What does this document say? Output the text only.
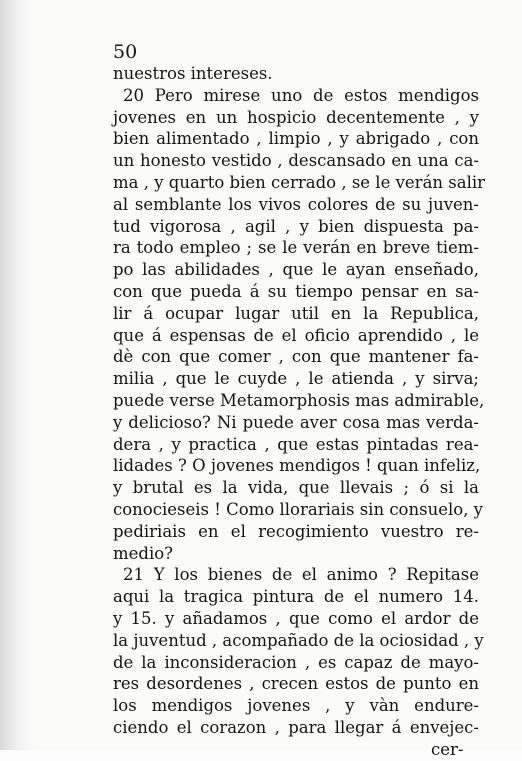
50
nuestros intereses.
20 Pero mirese uno de estos mendigos
jovenes en un hospicio decentemente , y
bien alimentado , limpio , y abrigado , con
un honesto vestido , descansado en una ca-
ma , y quarto bien cerrado , se le verán salir
al semblante los vivos colores de su juven-
tud vigorosa , agil , y bien dispuesta pa-
ra todo empleo ; se le verán en breve tiem-
po las abilidades , que le ayan enseñado,
con que pueda á su tiempo pensar en sa-
lir á ocupar lugar util en la Republica,
que á espensas de el oficio aprendido , le
dè con que comer , con que mantener fa-
milia , que le cuyde , le atienda , y sirva;
puede verse Metamorphosis mas admirable,
y delicioso? Ni puede aver cosa mas verda-
dera , y practica , que estas pintadas rea-
lidades ? O jovenes mendigos ! quan infeliz,
y brutal es la vida, que llevais ; ó si la
conocieseis ! Como llorariais sin consuelo, y
pediriais en el recogimiento vuestro re-
medio?
21 Y los bienes de el animo ? Repitase
aqui la tragica pintura de el numero 14.
y 15. y añadamos , que como el ardor de
la juventud , acompañado de la ociosidad , y
de la inconsideracion , es capaz de mayo-
res desordenes , crecen estos de punto en
los mendigos jovenes , y vàn endure-
ciendo el corazon , para llegar á envejec-
cer-
